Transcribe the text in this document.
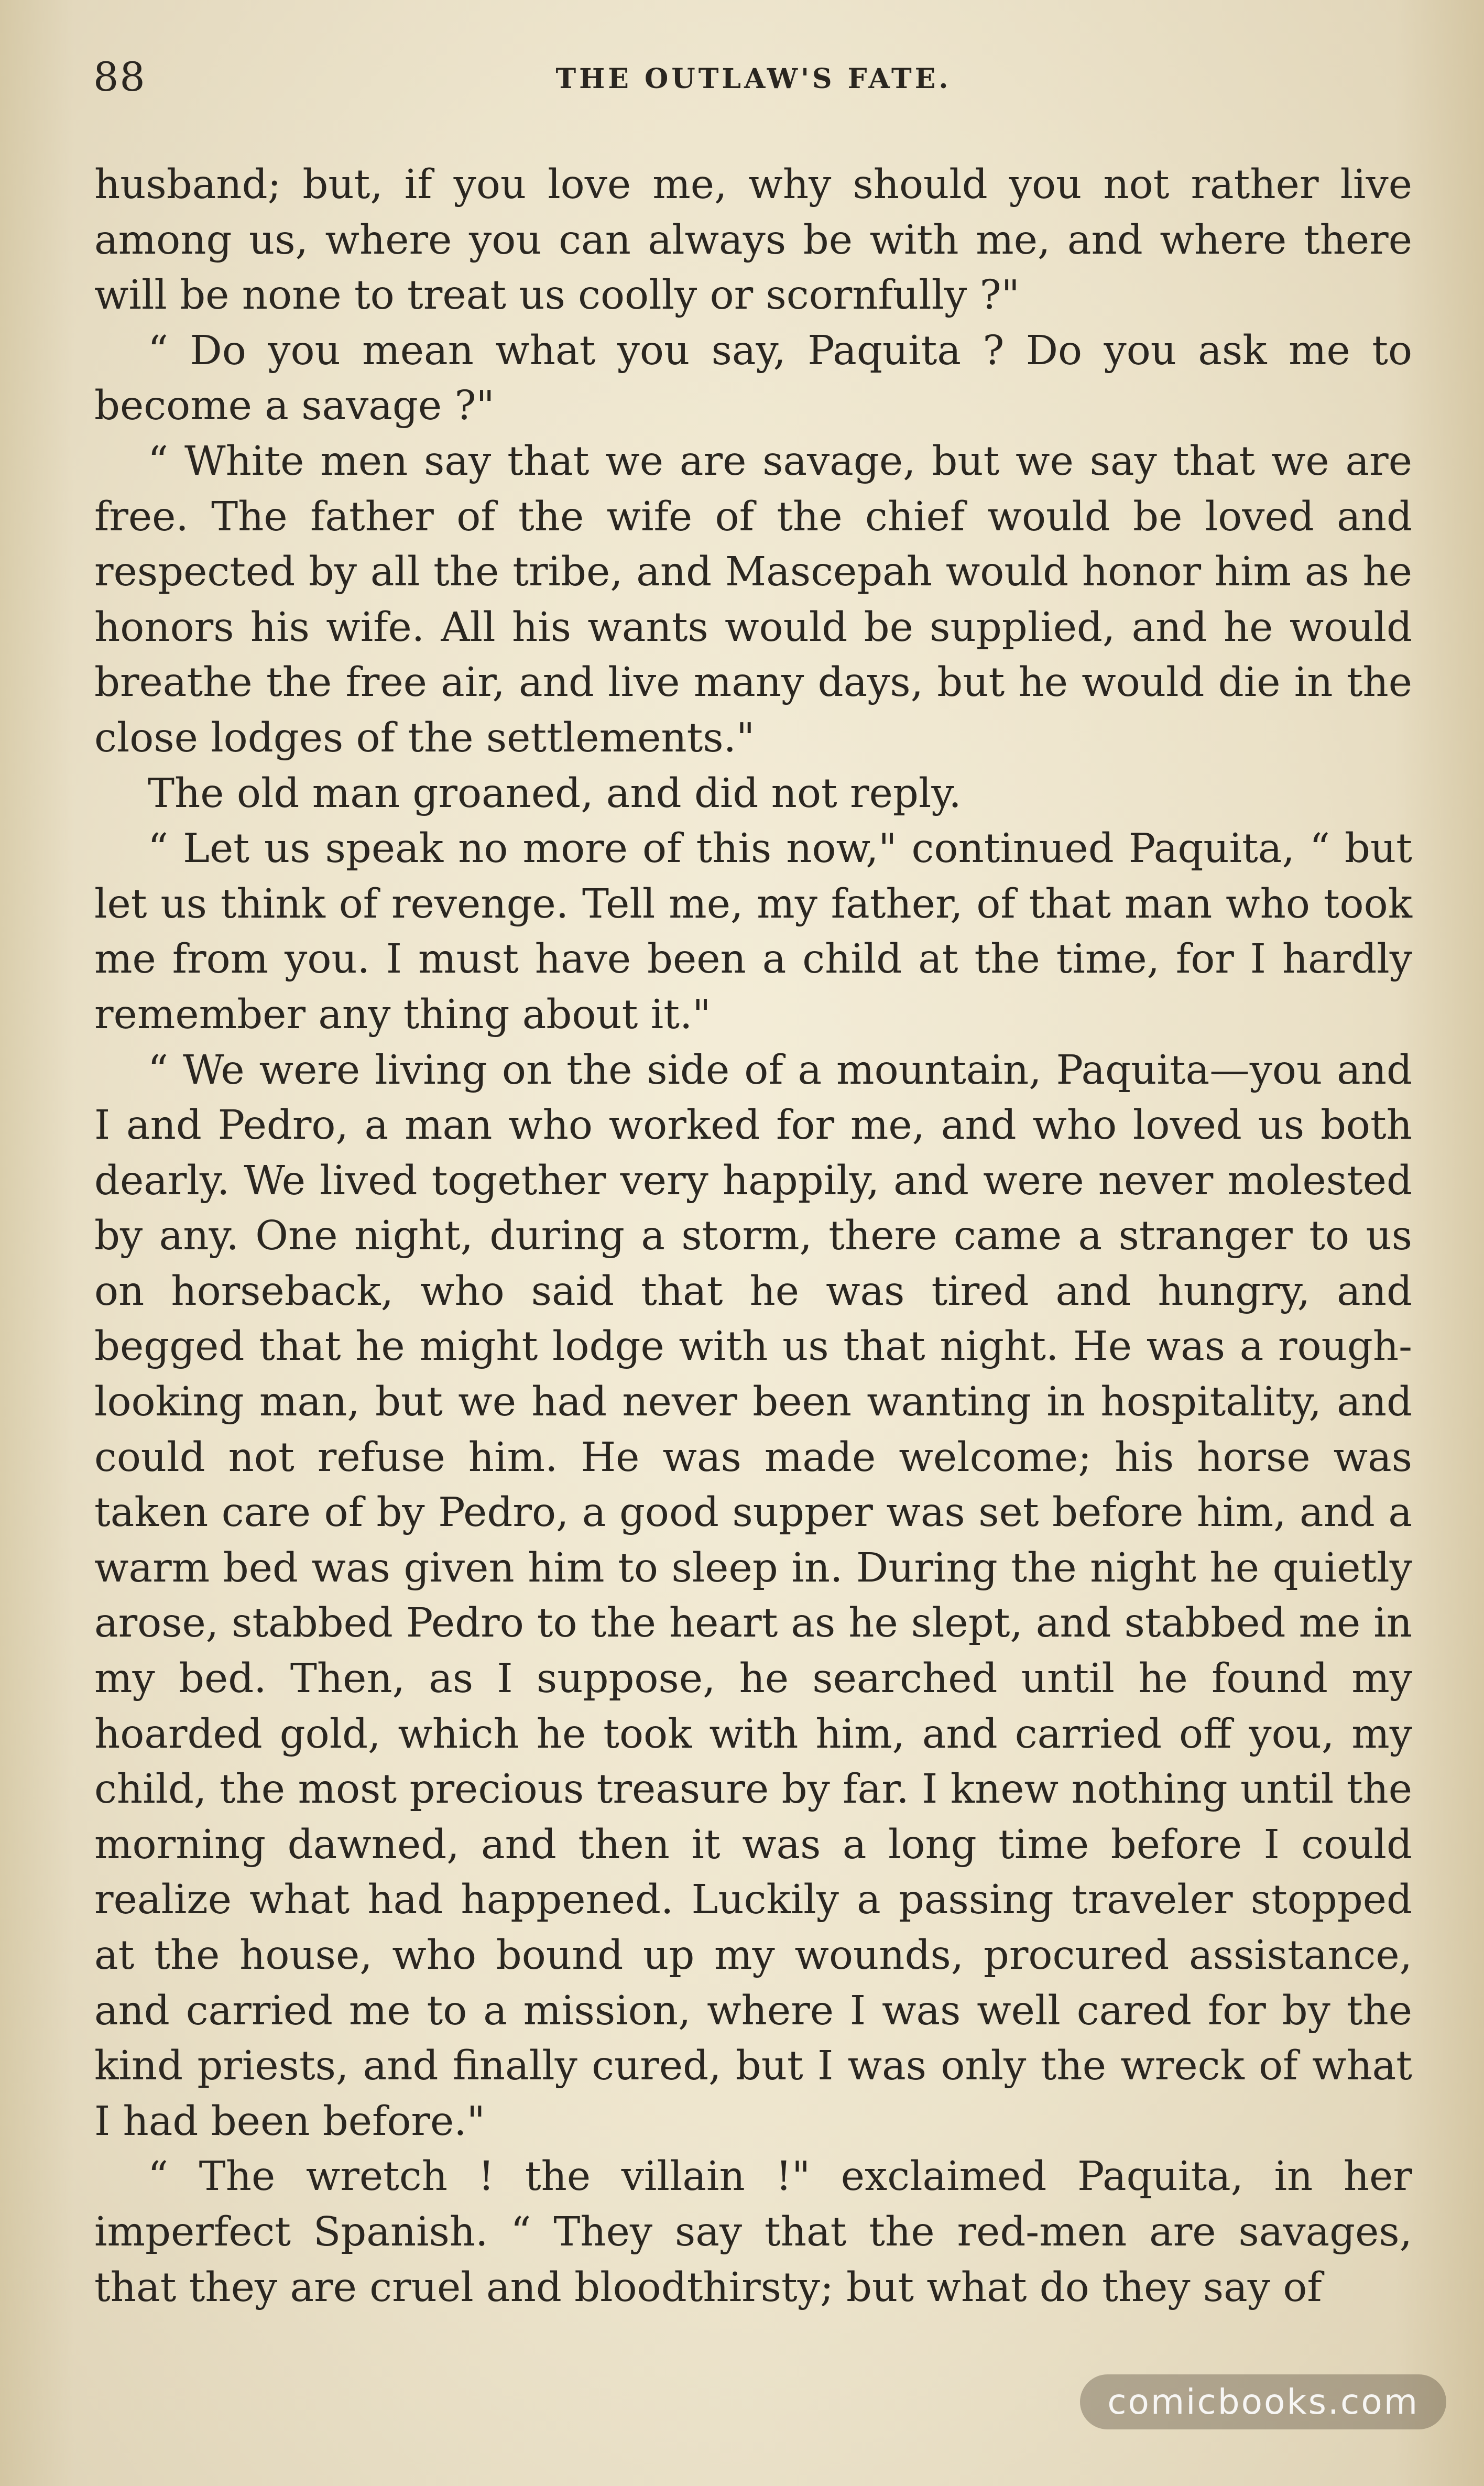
88	THE OUTLAW'S FATE.

husband; but, if you love me, why should you not rather live among us, where you can always be with me, and where there will be none to treat us coolly or scornfully ?"

“ Do you mean what you say, Paquita ? Do you ask me to become a savage ?"

“ White men say that we are savage, but we say that we are free. The father of the wife of the chief would be loved and respected by all the tribe, and Mascepah would honor him as he honors his wife. All his wants would be supplied, and he would breathe the free air, and live many days, but he would die in the close lodges of the settlements."

The old man groaned, and did not reply.

“ Let us speak no more of this now," continued Paquita, “ but let us think of revenge. Tell me, my father, of that man who took me from you. I must have been a child at the time, for I hardly remember any thing about it."

“ We were living on the side of a mountain, Paquita—you and I and Pedro, a man who worked for me, and who loved us both dearly. We lived together very happily, and were never molested by any. One night, during a storm, there came a stranger to us on horseback, who said that he was tired and hungry, and begged that he might lodge with us that night. He was a rough-looking man, but we had never been wanting in hospitality, and could not refuse him. He was made welcome; his horse was taken care of by Pedro, a good supper was set before him, and a warm bed was given him to sleep in. During the night he quietly arose, stabbed Pedro to the heart as he slept, and stabbed me in my bed. Then, as I suppose, he searched until he found my hoarded gold, which he took with him, and carried off you, my child, the most precious treasure by far. I knew nothing until the morning dawned, and then it was a long time before I could realize what had happened. Luckily a passing traveler stopped at the house, who bound up my wounds, procured assistance, and carried me to a mission, where I was well cared for by the kind priests, and finally cured, but I was only the wreck of what I had been before."

“ The wretch ! the villain !" exclaimed Paquita, in her imperfect Spanish. “ They say that the red-men are savages, that they are cruel and bloodthirsty; but what do they say of

comicbooks.com
